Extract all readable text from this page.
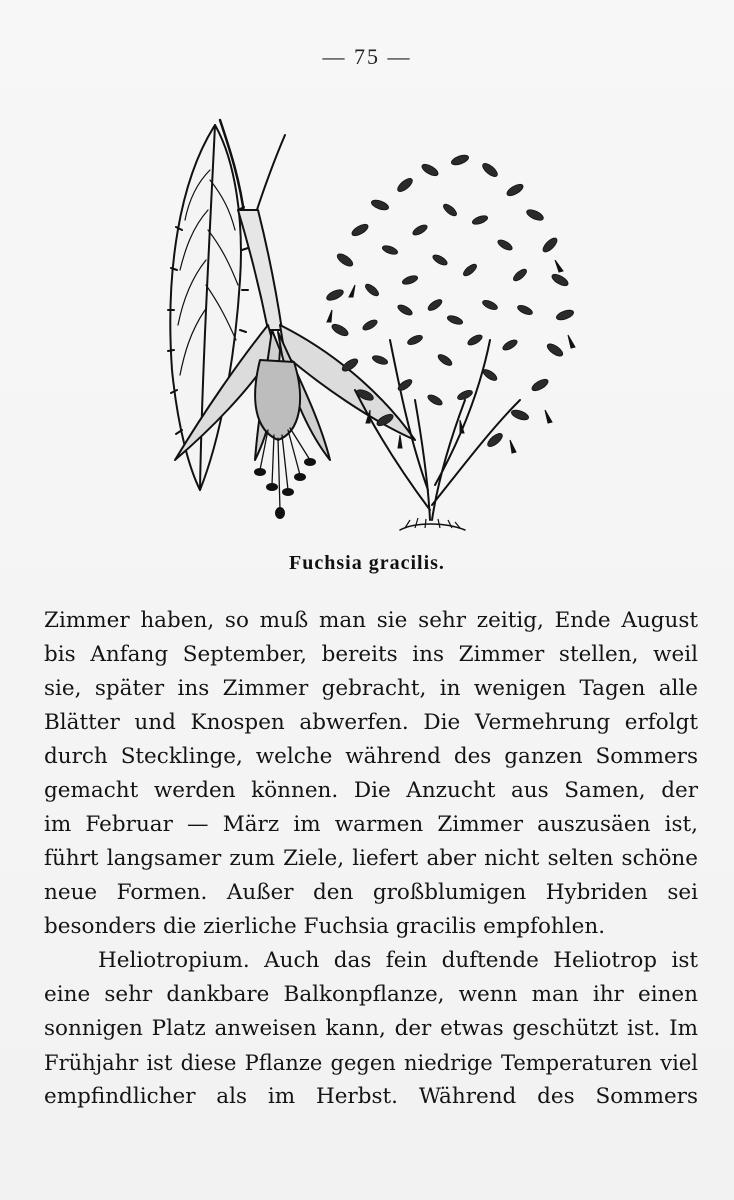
— 75 —
Fuchsia gracilis.
Zimmer haben, so muß man sie sehr zeitig, Ende August
bis Anfang September, bereits ins Zimmer stellen, weil
sie, später ins Zimmer gebracht, in wenigen Tagen alle
Blätter und Knospen abwerfen. Die Vermehrung erfolgt
durch Stecklinge, welche während des ganzen Sommers
gemacht werden können. Die Anzucht aus Samen, der
im Februar — März im warmen Zimmer auszusäen ist,
führt langsamer zum Ziele, liefert aber nicht selten schöne
neue Formen. Außer den großblumigen Hybriden sei
besonders die zierliche Fuchsia gracilis empfohlen.
Heliotropium. Auch das fein duftende Heliotrop ist
eine sehr dankbare Balkonpflanze, wenn man ihr einen
sonnigen Platz anweisen kann, der etwas geschützt ist. Im
Frühjahr ist diese Pflanze gegen niedrige Temperaturen viel
empfindlicher als im Herbst. Während des Sommers
